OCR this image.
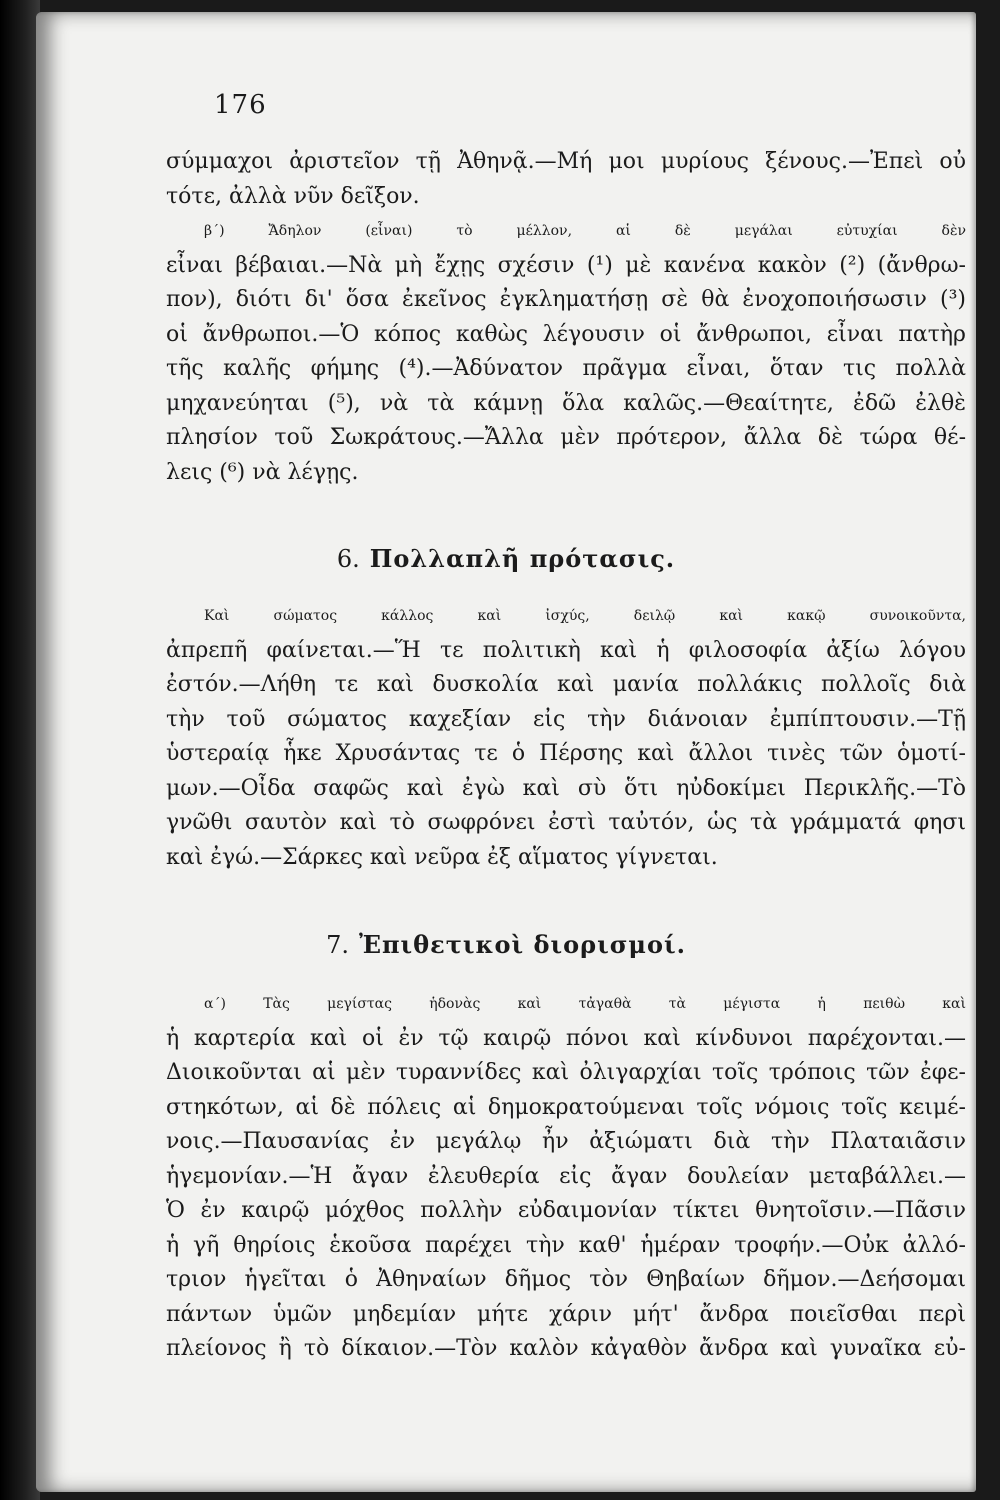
176
σύμμαχοι ἀριστεῖον τῇ Ἀθηνᾷ.—Μή μοι μυρίους ξένους.—Ἐπεὶ οὐ
τότε, ἀλλὰ νῦν δεῖξον.
β΄) Ἄδηλον (εἶναι) τὸ μέλλον, αἱ δὲ μεγάλαι εὐτυχίαι δὲν
εἶναι βέβαιαι.—Νὰ μὴ ἔχῃς σχέσιν (¹) μὲ κανένα κακὸν (²) (ἄνθρω-
πον), διότι δι' ὅσα ἐκεῖνος ἐγκληματήσῃ σὲ θὰ ἐνοχοποιήσωσιν (³)
οἱ ἄνθρωποι.—Ὁ κόπος καθὼς λέγουσιν οἱ ἄνθρωποι, εἶναι πατὴρ
τῆς καλῆς φήμης (⁴).—Ἀδύνατον πρᾶγμα εἶναι, ὅταν τις πολλὰ
μηχανεύηται (⁵), νὰ τὰ κάμνῃ ὅλα καλῶς.—Θεαίτητε, ἐδῶ ἐλθὲ
πλησίον τοῦ Σωκράτους.—Ἄλλα μὲν πρότερον, ἄλλα δὲ τώρα θέ-
λεις (⁶) νὰ λέγῃς.
6. Πολλαπλῆ πρότασις.
Καὶ σώματος κάλλος καὶ ἰσχύς, δειλῷ καὶ κακῷ συνοικοῦντα,
ἀπρεπῆ φαίνεται.—Ἥ τε πολιτικὴ καὶ ἡ φιλοσοφία ἀξίω λόγου
ἐστόν.—Λήθη τε καὶ δυσκολία καὶ μανία πολλάκις πολλοῖς διὰ
τὴν τοῦ σώματος καχεξίαν εἰς τὴν διάνοιαν ἐμπίπτουσιν.—Τῇ
ὑστεραίᾳ ἧκε Χρυσάντας τε ὁ Πέρσης καὶ ἄλλοι τινὲς τῶν ὁμοτί-
μων.—Οἶδα σαφῶς καὶ ἐγὼ καὶ σὺ ὅτι ηὐδοκίμει Περικλῆς.—Τὸ
γνῶθι σαυτὸν καὶ τὸ σωφρόνει ἐστὶ ταὐτόν, ὡς τὰ γράμματά φησι
καὶ ἐγώ.—Σάρκες καὶ νεῦρα ἐξ αἵματος γίγνεται.
7. Ἐπιθετικοὶ διορισμοί.
α΄) Τὰς μεγίστας ἡδονὰς καὶ τἀγαθὰ τὰ μέγιστα ἡ πειθὼ καὶ
ἡ καρτερία καὶ οἱ ἐν τῷ καιρῷ πόνοι καὶ κίνδυνοι παρέχονται.—
Διοικοῦνται αἱ μὲν τυραννίδες καὶ ὀλιγαρχίαι τοῖς τρόποις τῶν ἐφε-
στηκότων, αἱ δὲ πόλεις αἱ δημοκρατούμεναι τοῖς νόμοις τοῖς κειμέ-
νοις.—Παυσανίας ἐν μεγάλῳ ἦν ἀξιώματι διὰ τὴν Πλαταιᾶσιν
ἡγεμονίαν.—Ἡ ἄγαν ἐλευθερία εἰς ἄγαν δουλείαν μεταβάλλει.—
Ὁ ἐν καιρῷ μόχθος πολλὴν εὐδαιμονίαν τίκτει θνητοῖσιν.—Πᾶσιν
ἡ γῆ θηρίοις ἑκοῦσα παρέχει τὴν καθ' ἡμέραν τροφήν.—Οὐκ ἀλλό-
τριον ἡγεῖται ὁ Ἀθηναίων δῆμος τὸν Θηβαίων δῆμον.—Δεήσομαι
πάντων ὑμῶν μηδεμίαν μήτε χάριν μήτ' ἄνδρα ποιεῖσθαι περὶ
πλείονος ἢ τὸ δίκαιον.—Τὸν καλὸν κἀγαθὸν ἄνδρα καὶ γυναῖκα εὐ-
